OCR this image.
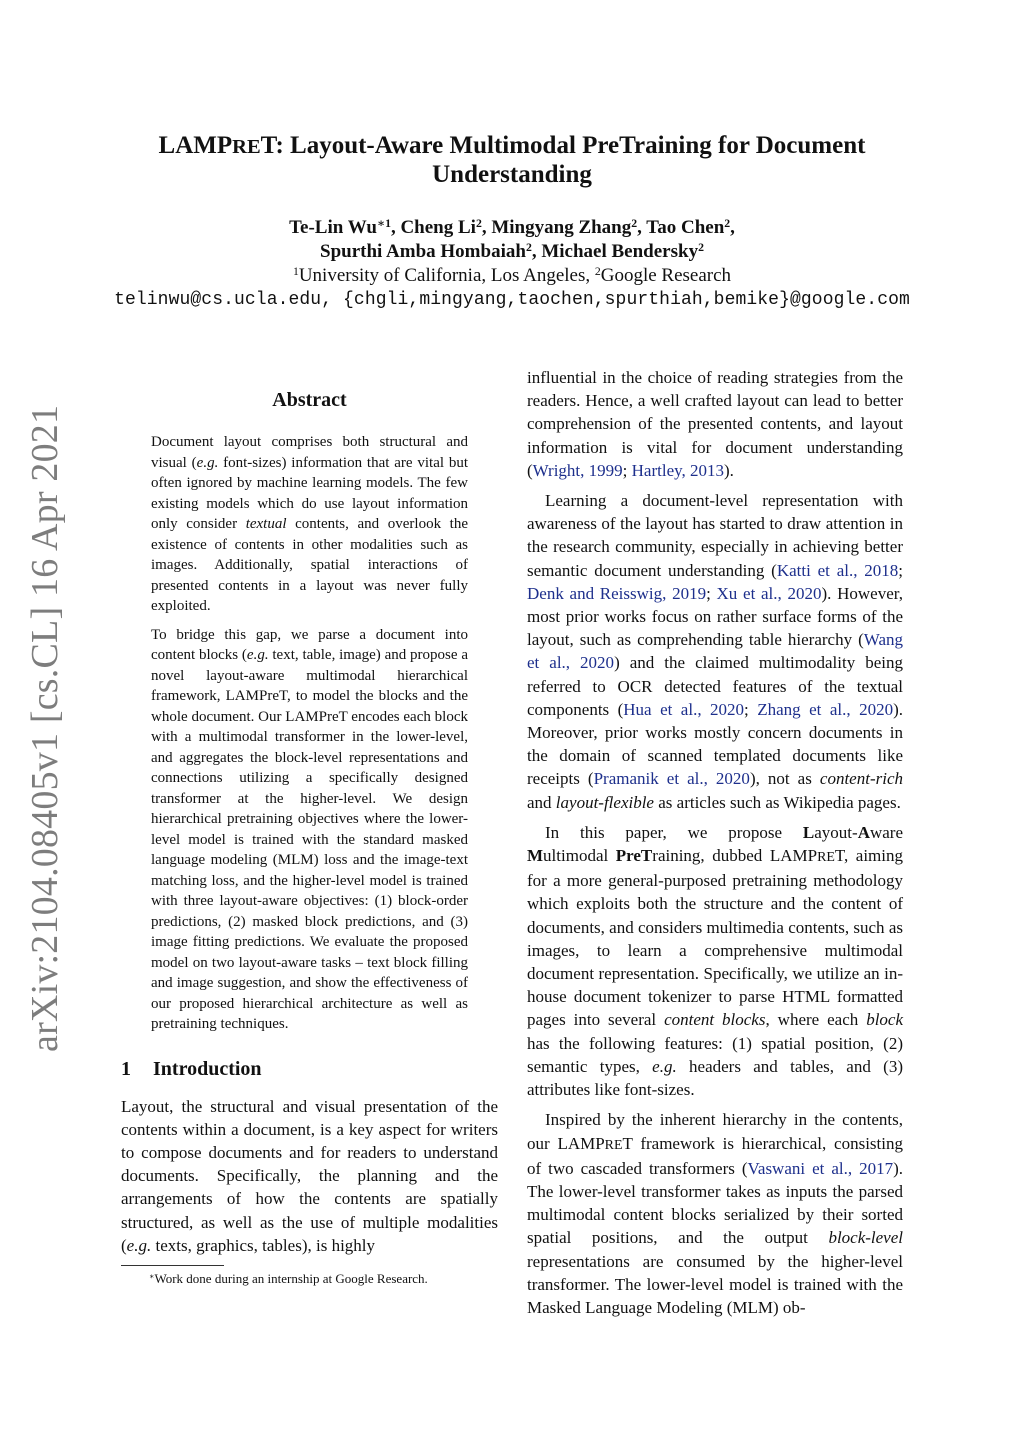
arXiv:2104.08405v1 [cs.CL] 16 Apr 2021
LAMPRET: Layout-Aware Multimodal PreTraining for Document Understanding
Te-Lin $Wu^{∗1}$, Cheng Li$^2$, Mingyang Zhang$^2$, Tao Chen$^2$,
Spurthi Amba Hombaiah$^2$, Michael Bendersky$^2$
$^1$University of California, Los Angeles, $^2$Google Research
telinwu@cs.ucla.edu, {chgli,mingyang,taochen,spurthiah,bemike}@google.com
Abstract

Document layout comprises both structural and visual (e.g. font-sizes) information that are vital but often ignored by machine learning models. The few existing models which do use layout information only consider textual contents, and overlook the existence of contents in other modalities such as images. Additionally, spatial interactions of presented contents in a layout was never fully exploited.

To bridge this gap, we parse a document into content blocks (e.g. text, table, image) and propose a novel layout-aware multimodal hierarchical framework, LAMPreT, to model the blocks and the whole document. Our LAMPreT encodes each block with a multimodal transformer in the lower-level, and aggregates the block-level representations and connections utilizing a specifically designed transformer at the higher-level. We design hierarchical pretraining objectives where the lower-level model is trained with the standard masked language modeling (MLM) loss and the image-text matching loss, and the higher-level model is trained with three layout-aware objectives: (1) block-order predictions, (2) masked block predictions, and (3) image fitting predictions. We evaluate the proposed model on two layout-aware tasks – text block filling and image suggestion, and show the effectiveness of our proposed hierarchical architecture as well as pretraining techniques.

1 Introduction

Layout, the structural and visual presentation of the contents within a document, is a key aspect for writers to compose documents and for readers to understand documents. Specifically, the planning and the arrangements of how the contents are spatially structured, as well as the use of multiple modalities (e.g. texts, graphics, tables), is highly

∗Work done during an internship at Google Research.

influential in the choice of reading strategies from the readers. Hence, a well crafted layout can lead to better comprehension of the presented contents, and layout information is vital for document understanding (Wright, 1999; Hartley, 2013).

Learning a document-level representation with awareness of the layout has started to draw attention in the research community, especially in achieving better semantic document understanding (Katti et al., 2018; Denk and Reisswig, 2019; Xu et al., 2020). However, most prior works focus on rather surface forms of the layout, such as comprehending table hierarchy (Wang et al., 2020) and the claimed multimodality being referred to OCR detected features of the textual components (Hua et al., 2020; Zhang et al., 2020). Moreover, prior works mostly concern documents in the domain of scanned templated documents like receipts (Pramanik et al., 2020), not as content-rich and layout-flexible as articles such as Wikipedia pages.

In this paper, we propose Layout-Aware Multimodal PreTraining, dubbed LAMPRET, aiming for a more general-purposed pretraining methodology which exploits both the structure and the content of documents, and considers multimedia contents, such as images, to learn a comprehensive multimodal document representation. Specifically, we utilize an in-house document tokenizer to parse HTML formatted pages into several content blocks, where each block has the following features: (1) spatial position, (2) semantic types, e.g. headers and tables, and (3) attributes like font-sizes.

Inspired by the inherent hierarchy in the contents, our LAMPRET framework is hierarchical, consisting of two cascaded transformers (Vaswani et al., 2017). The lower-level transformer takes as inputs the parsed multimodal content blocks serialized by their sorted spatial positions, and the output block-level representations are consumed by the higher-level transformer. The lower-level model is trained with the Masked Language Modeling (MLM) ob-
